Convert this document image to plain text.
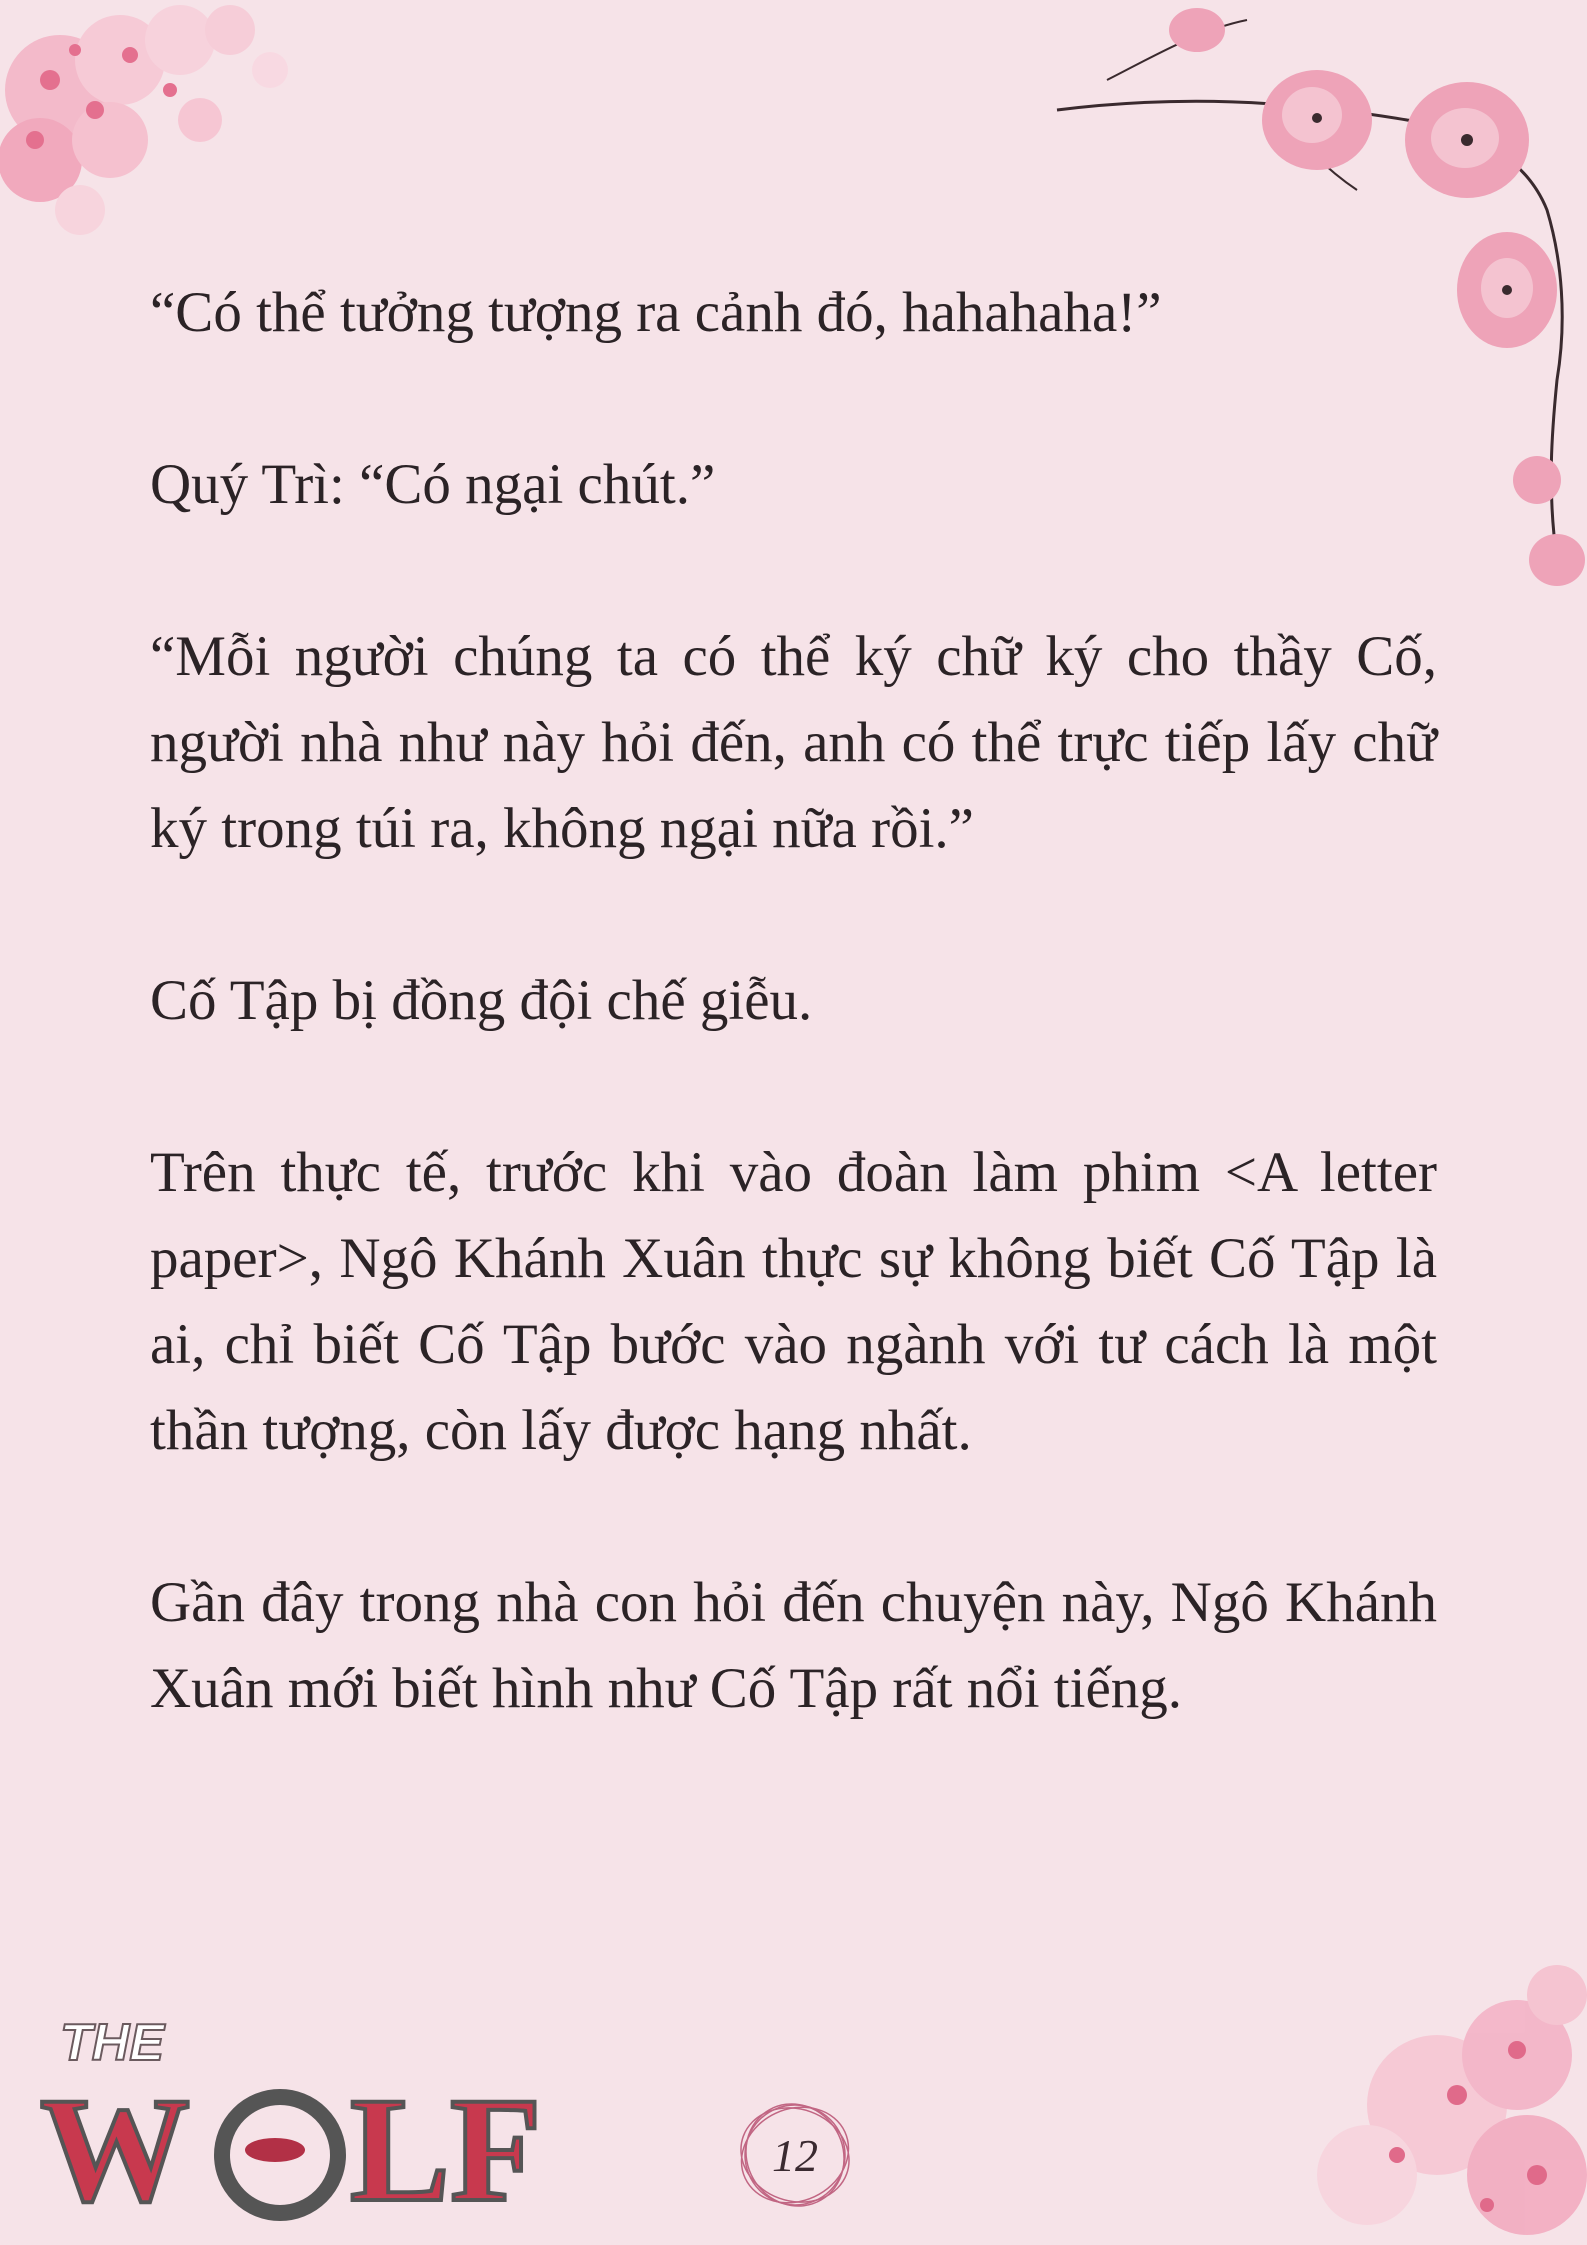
“Có thể tưởng tượng ra cảnh đó, hahahaha!”

Quý Trì: “Có ngại chút.”

“Mỗi người chúng ta có thể ký chữ ký cho thầy Cố, người nhà như này hỏi đến, anh có thể trực tiếp lấy chữ ký trong túi ra, không ngại nữa rồi.”

Cố Tập bị đồng đội chế giễu.

Trên thực tế, trước khi vào đoàn làm phim <A letter paper>, Ngô Khánh Xuân thực sự không biết Cố Tập là ai, chỉ biết Cố Tập bước vào ngành với tư cách là một thần tượng, còn lấy được hạng nhất.

Gần đây trong nhà con hỏi đến chuyện này, Ngô Khánh Xuân mới biết hình như Cố Tập rất nổi tiếng.

THE
W LF	12
